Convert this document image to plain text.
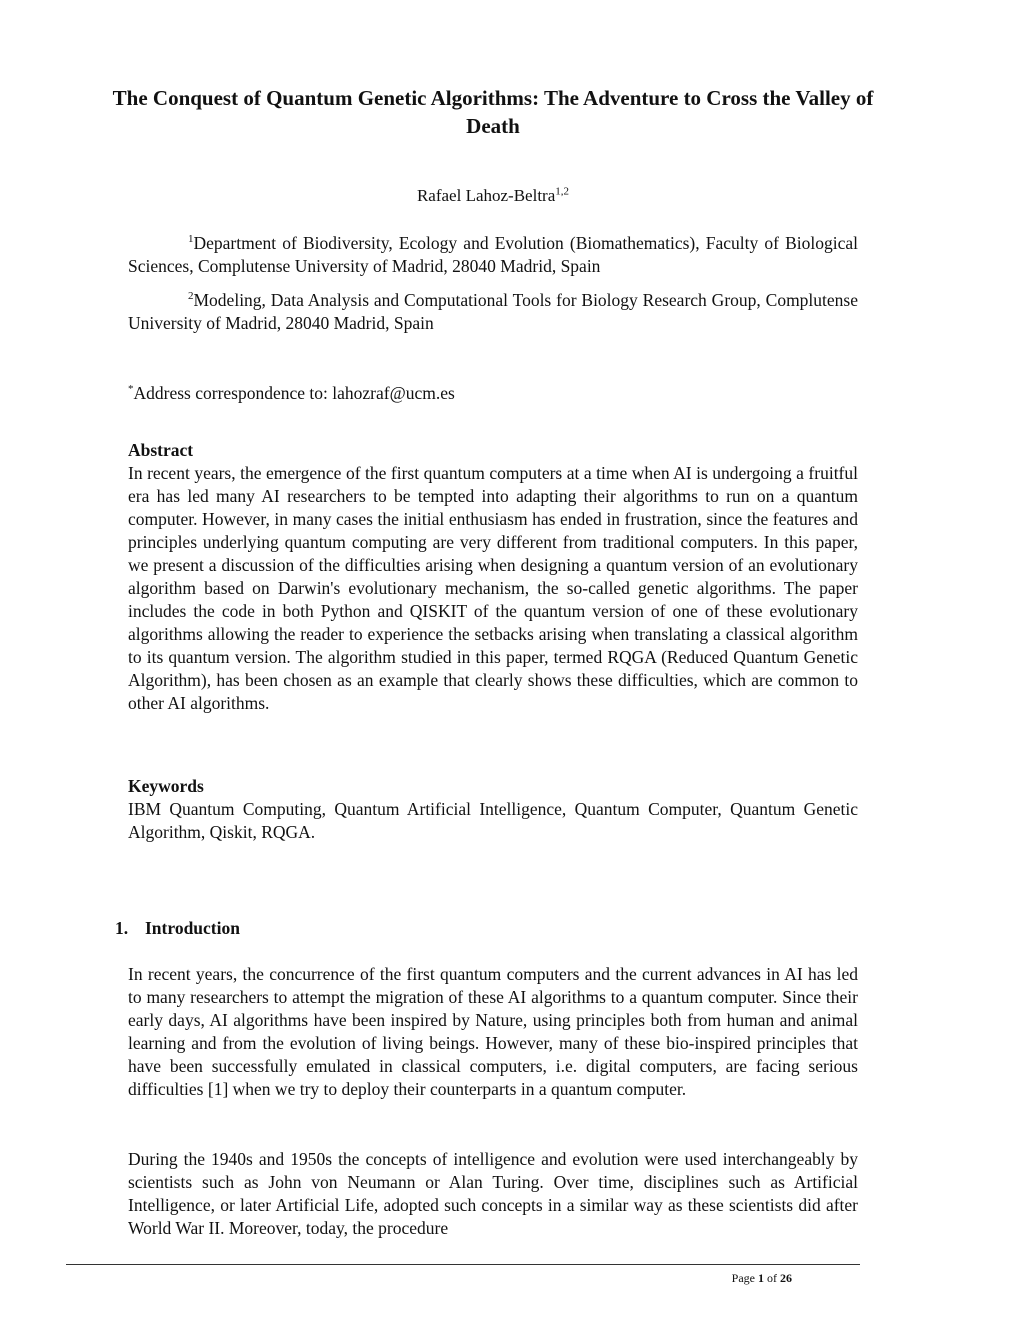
The Conquest of Quantum Genetic Algorithms: The Adventure to Cross the Valley of Death
Rafael Lahoz-Beltra$^{1,2}$

$^1$Department of Biodiversity, Ecology and Evolution (Biomathematics), Faculty of Biological Sciences, Complutense University of Madrid, 28040 Madrid, Spain

$^2$Modeling, Data Analysis and Computational Tools for Biology Research Group, Complutense University of Madrid, 28040 Madrid, Spain

*Address correspondence to: lahozraf@ucm.es

Abstract

In recent years, the emergence of the first quantum computers at a time when AI is undergoing a fruitful era has led many AI researchers to be tempted into adapting their algorithms to run on a quantum computer. However, in many cases the initial enthusiasm has ended in frustration, since the features and principles underlying quantum computing are very different from traditional computers. In this paper, we present a discussion of the difficulties arising when designing a quantum version of an evolutionary algorithm based on Darwin's evolutionary mechanism, the so-called genetic algorithms. The paper includes the code in both Python and QISKIT of the quantum version of one of these evolutionary algorithms allowing the reader to experience the setbacks arising when translating a classical algorithm to its quantum version. The algorithm studied in this paper, termed RQGA (Reduced Quantum Genetic Algorithm), has been chosen as an example that clearly shows these difficulties, which are common to other AI algorithms.

Keywords

IBM Quantum Computing, Quantum Artificial Intelligence, Quantum Computer, Quantum Genetic Algorithm, Qiskit, RQGA.

1. Introduction

In recent years, the concurrence of the first quantum computers and the current advances in AI has led to many researchers to attempt the migration of these AI algorithms to a quantum computer. Since their early days, AI algorithms have been inspired by Nature, using principles both from human and animal learning and from the evolution of living beings. However, many of these bio-inspired principles that have been successfully emulated in classical computers, i.e. digital computers, are facing serious difficulties [1] when we try to deploy their counterparts in a quantum computer.

During the 1940s and 1950s the concepts of intelligence and evolution were used interchangeably by scientists such as John von Neumann or Alan Turing. Over time, disciplines such as Artificial Intelligence, or later Artificial Life, adopted such concepts in a similar way as these scientists did after World War II. Moreover, today, the procedure

Page 1 of 26
